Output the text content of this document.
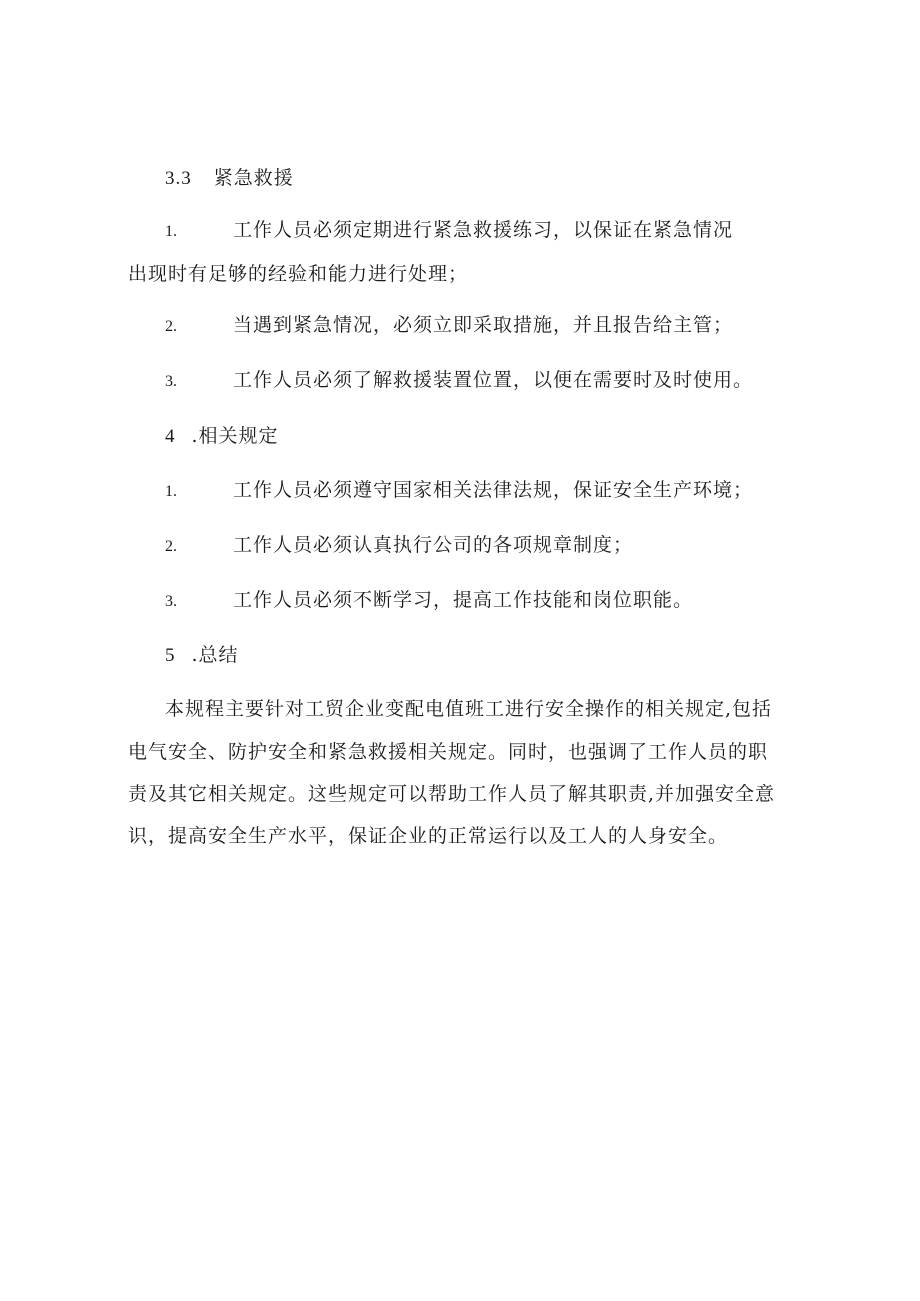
3.3 紧急救援
1.	工作人员必须定期进行紧急救援练习，以保证在紧急情况
出现时有足够的经验和能力进行处理；
2.	当遇到紧急情况，必须立即采取措施，并且报告给主管；
3.	工作人员必须了解救援装置位置，以便在需要时及时使用。
4 .相关规定
1.	工作人员必须遵守国家相关法律法规，保证安全生产环境；
2.	工作人员必须认真执行公司的各项规章制度；
3.	工作人员必须不断学习，提高工作技能和岗位职能。
5 .总结
本规程主要针对工贸企业变配电值班工进行安全操作的相关规定,包括
电气安全、防护安全和紧急救援相关规定。同时，也强调了工作人员的职
责及其它相关规定。这些规定可以帮助工作人员了解其职责,并加强安全意
识，提高安全生产水平，保证企业的正常运行以及工人的人身安全。
